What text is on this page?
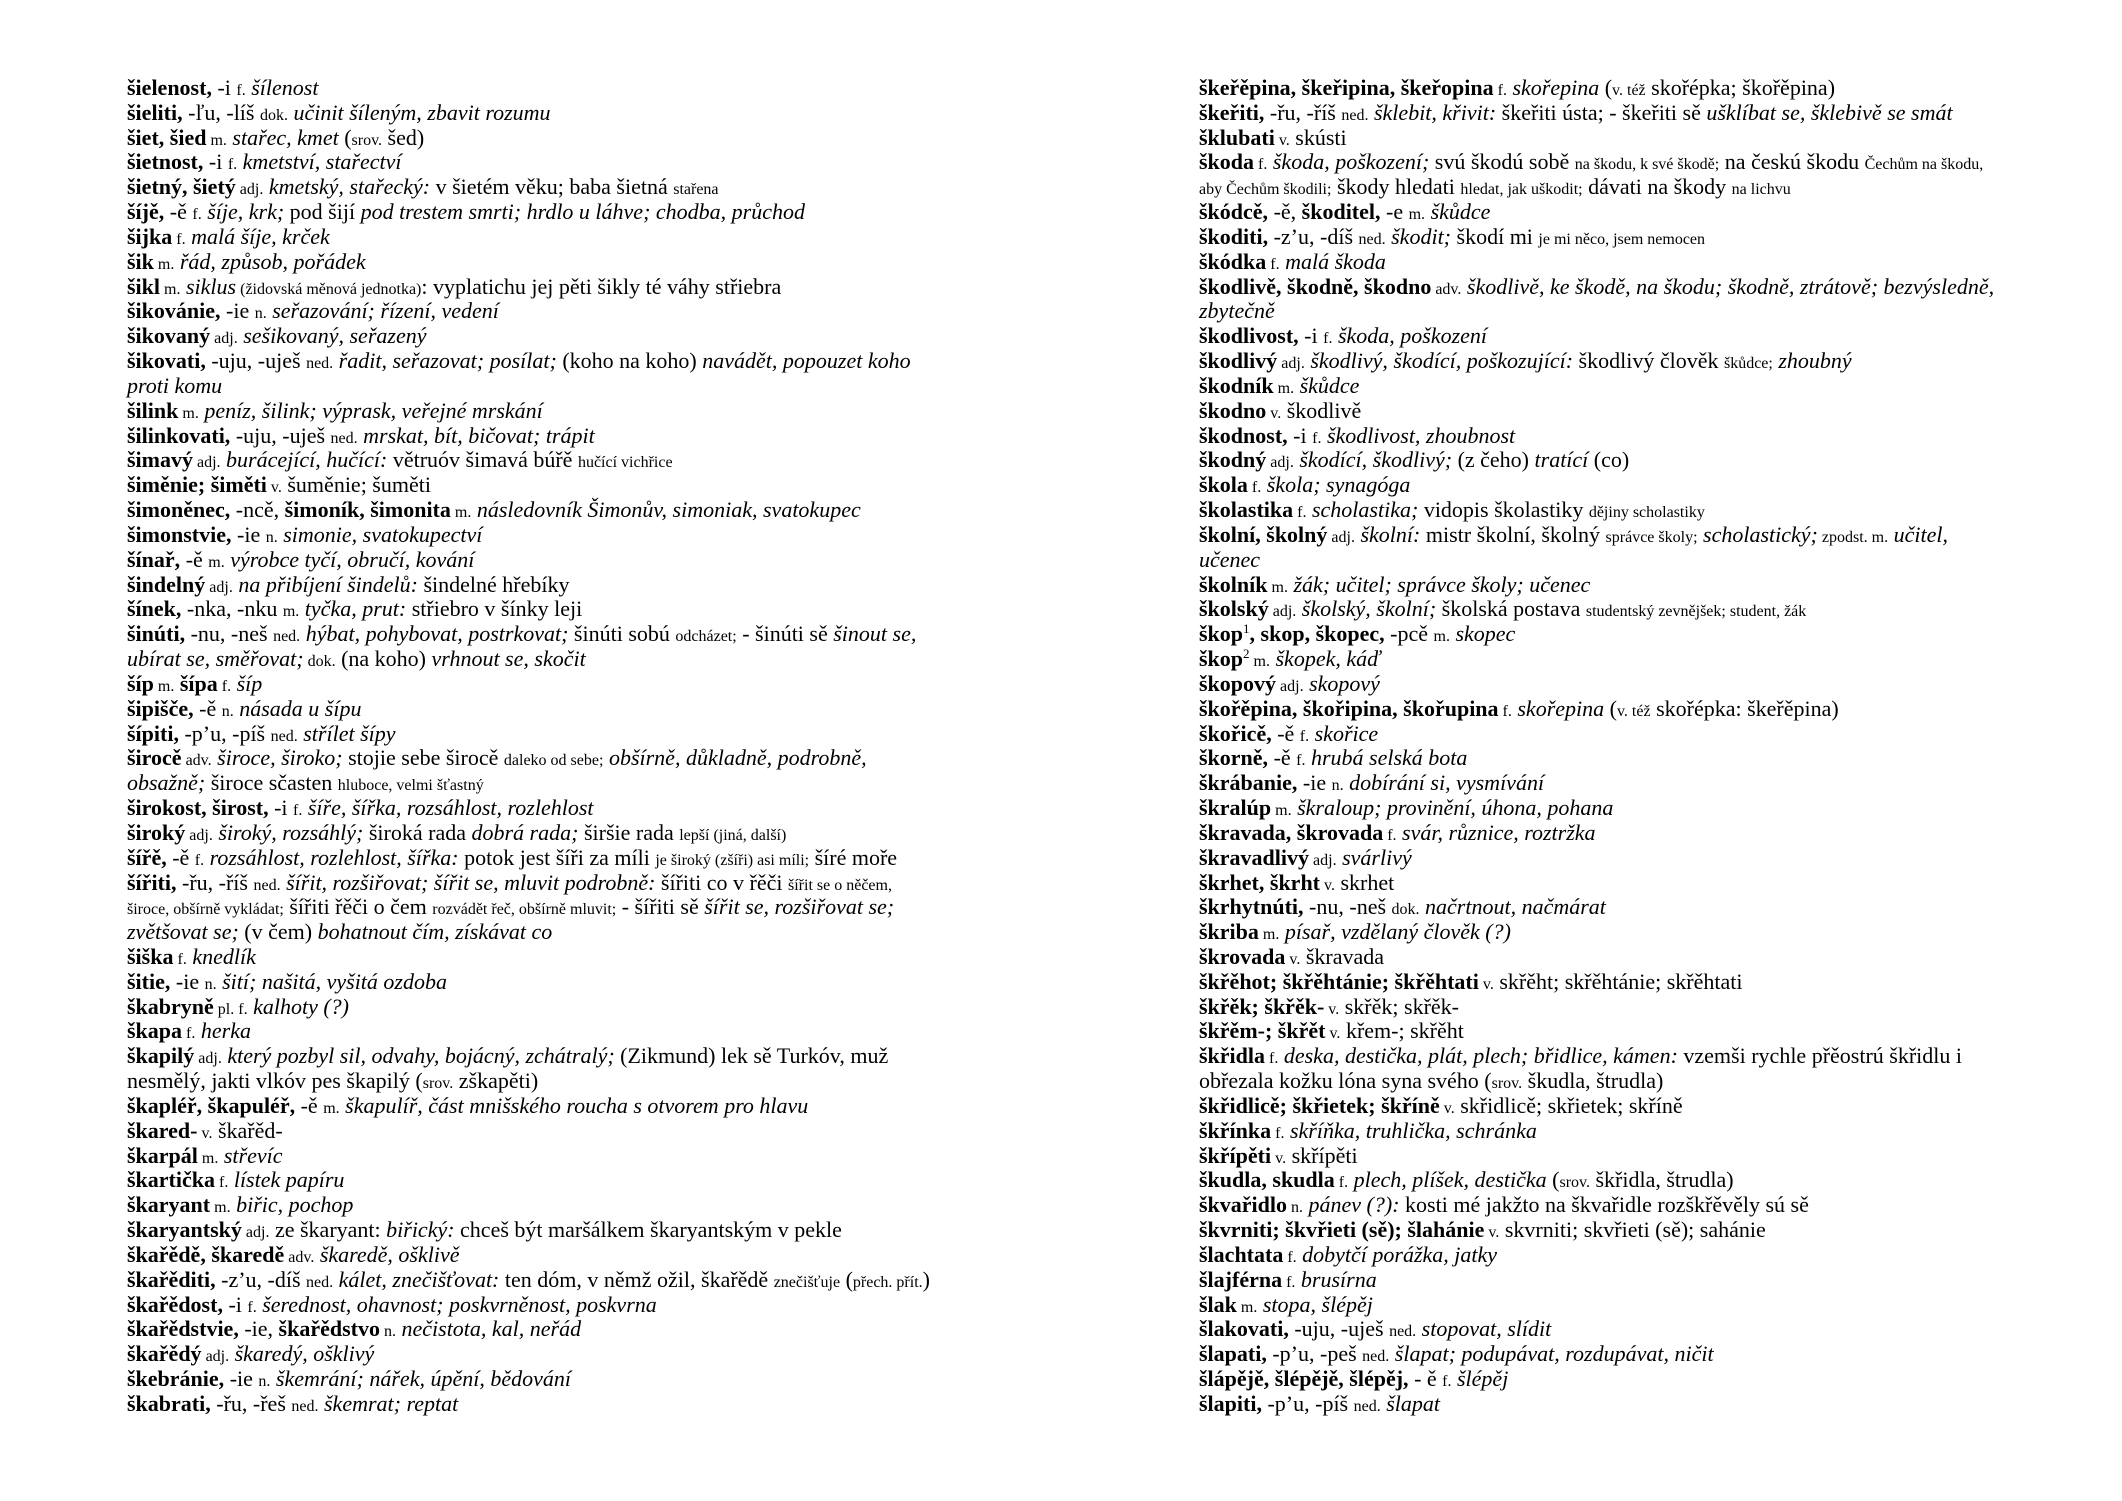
šielenost, -i f. šílenost
šieliti, -ľu, -líš dok. učinit šíleným, zbavit rozumu
šiet, šied m. stařec, kmet (srov. šed)
šietnost, -i f. kmetství, stařectví
šietný, šietý adj. kmetský, stařecký: v šietém věku; baba šietná stařena
šíjě, -ě f. šíje, krk; pod šijí pod trestem smrti; hrdlo u láhve; chodba, průchod
šijka f. malá šíje, krček
šik m. řád, způsob, pořádek
šikl m. siklus (židovská měnová jednotka): vyplatichu jej pěti šikly té váhy střiebra
šikovánie, -ie n. seřazování; řízení, vedení
šikovaný adj. sešikovaný, seřazený
šikovati, -uju, -uješ ned. řadit, seřazovat; posílat; (koho na koho) navádět, popouzet koho
proti komu
šilink m. peníz, šilink; výprask, veřejné mrskání
šilinkovati, -uju, -uješ ned. mrskat, bít, bičovat; trápit
šimavý adj. burácející, hučící: větruóv šimavá búřě hučící vichřice
šiměnie; šiměti v. šuměnie; šuměti
šimoněnec, -ncě, šimoník, šimonita m. následovník Šimonův, simoniak, svatokupec
šimonstvie, -ie n. simonie, svatokupectví
šínař, -ě m. výrobce tyčí, obručí, kování
šindelný adj. na přibíjení šindelů: šindelné hřebíky
šínek, -nka, -nku m. tyčka, prut: střiebro v šínky leji
šinúti, -nu, -neš ned. hýbat, pohybovat, postrkovat; šinúti sobú odcházet; - šinúti sě šinout se,
ubírat se, směřovat; dok. (na koho) vrhnout se, skočit
šíp m. šípa f. šíp
šipišče, -ě n. násada u šípu
šípiti, -p’u, -píš ned. střílet šípy
širocě adv. široce, široko; stojie sebe širocě daleko od sebe; obšírně, důkladně, podrobně,
obsažně; široce sčasten hluboce, velmi šťastný
širokost, širost, -i f. šíře, šířka, rozsáhlost, rozlehlost
široký adj. široký, rozsáhlý; široká rada dobrá rada; širšie rada lepší (jiná, další)
šířě, -ě f. rozsáhlost, rozlehlost, šířka: potok jest šíři za míli je široký (zšíři) asi míli; šíré moře
šířiti, -řu, -říš ned. šířit, rozšiřovat; šířit se, mluvit podrobně: šířiti co v řěči šířit se o něčem,
široce, obšírně vykládat; šířiti řěči o čem rozvádět řeč, obšírně mluvit; - šířiti sě šířit se, rozšiřovat se;
zvětšovat se; (v čem) bohatnout čím, získávat co
šiška f. knedlík
šitie, -ie n. šití; našitá, vyšitá ozdoba
škabryně pl. f. kalhoty (?)
škapa f. herka
škapilý adj. který pozbyl sil, odvahy, bojácný, zchátralý; (Zikmund) lek sě Turkóv, muž
nesmělý, jakti vlkóv pes škapilý (srov. zškapěti)
škapléř, škapuléř, -ě m. škapulíř, část mnišského roucha s otvorem pro hlavu
škared- v. škařěd-
škarpál m. střevíc
škartička f. lístek papíru
škaryant m. biřic, pochop
škaryantský adj. ze škaryant: biřický: chceš být maršálkem škaryantským v pekle
škařědě, škaredě adv. škaredě, ošklivě
škařěditi, -z’u, -díš ned. kálet, znečišťovat: ten dóm, v němž ožil, škařědě znečišťuje (přech. přít.)
škařědost, -i f. šerednost, ohavnost; poskvrněnost, poskvrna
škařědstvie, -ie, škařědstvo n. nečistota, kal, neřád
škařědý adj. škaredý, ošklivý
škebránie, -ie n. škemrání; nářek, úpění, bědování
škabrati, -řu, -řeš ned. škemrat; reptat
škeřěpina, škeřipina, škeřopina f. skořepina (v. též skořépka; škořěpina)
škeřiti, -řu, -říš ned. šklebit, křivit: škeřiti ústa; - škeřiti sě ušklíbat se, šklebivě se smát
šklubati v. skústi
škoda f. škoda, poškození; svú škodú sobě na škodu, k své škodě; na českú škodu Čechům na škodu,
aby Čechům škodili; škody hledati hledat, jak uškodit; dávati na škody na lichvu
škódcě, -ě, škoditel, -e m. škůdce
škoditi, -z’u, -díš ned. škodit; škodí mi je mi něco, jsem nemocen
škódka f. malá škoda
škodlivě, škodně, škodno adv. škodlivě, ke škodě, na škodu; škodně, ztrátově; bezvýsledně,
zbytečně
škodlivost, -i f. škoda, poškození
škodlivý adj. škodlivý, škodící, poškozující: škodlivý člověk škůdce; zhoubný
škodník m. škůdce
škodno v. škodlivě
škodnost, -i f. škodlivost, zhoubnost
škodný adj. škodící, škodlivý; (z čeho) tratící (co)
škola f. škola; synagóga
školastika f. scholastika; vidopis školastiky dějiny scholastiky
školní, školný adj. školní: mistr školní, školný správce školy; scholastický; zpodst. m. učitel,
učenec
školník m. žák; učitel; správce školy; učenec
školský adj. školský, školní; školská postava studentský zevnějšek; student, žák
škop$^1$, skop, škopec, -pcě m. skopec
škop$^2$ m. škopek, káď
škopový adj. skopový
škořěpina, škořipina, škořupina f. skořepina (v. též skořépka: škeřěpina)
škořicě, -ě f. skořice
škorně, -ě f. hrubá selská bota
škrábanie, -ie n. dobírání si, vysmívání
škralúp m. škraloup; provinění, úhona, pohana
škravada, škrovada f. svár, různice, roztržka
škravadlivý adj. svárlivý
škrhet, škrht v. skrhet
škrhytnúti, -nu, -neš dok. načrtnout, načmárat
škriba m. písař, vzdělaný člověk (?)
škrovada v. škravada
škřěhot; škřěhtánie; škřěhtati v. skřěht; skřěhtánie; skřěhtati
škřěk; škřěk- v. skřěk; skřěk-
škřěm-; škřět v. křem-; skřěht
škřidla f. deska, destička, plát, plech; břidlice, kámen: vzemši rychle přěostrú škřidlu i
obřezala kožku lóna syna svého (srov. škudla, štrudla)
škřidlicě; škřietek; škříně v. skřidlicě; skřietek; skříně
škřínka f. skříňka, truhlička, schránka
škřípěti v. skřípěti
škudla, skudla f. plech, plíšek, destička (srov. škřidla, štrudla)
škvařidlo n. pánev (?): kosti mé jakžto na škvařidle rozškřěvěly sú sě
škvrniti; škvřieti (sě); šlahánie v. skvrniti; skvřieti (sě); sahánie
šlachtata f. dobytčí porážka, jatky
šlajférna f. brusírna
šlak m. stopa, šlépěj
šlakovati, -uju, -uješ ned. stopovat, slídit
šlapati, -p’u, -peš ned. šlapat; podupávat, rozdupávat, ničit
šlápějě, šlépějě, šlépěj, - ě f. šlépěj
šlapiti, -p’u, -píš ned. šlapat
